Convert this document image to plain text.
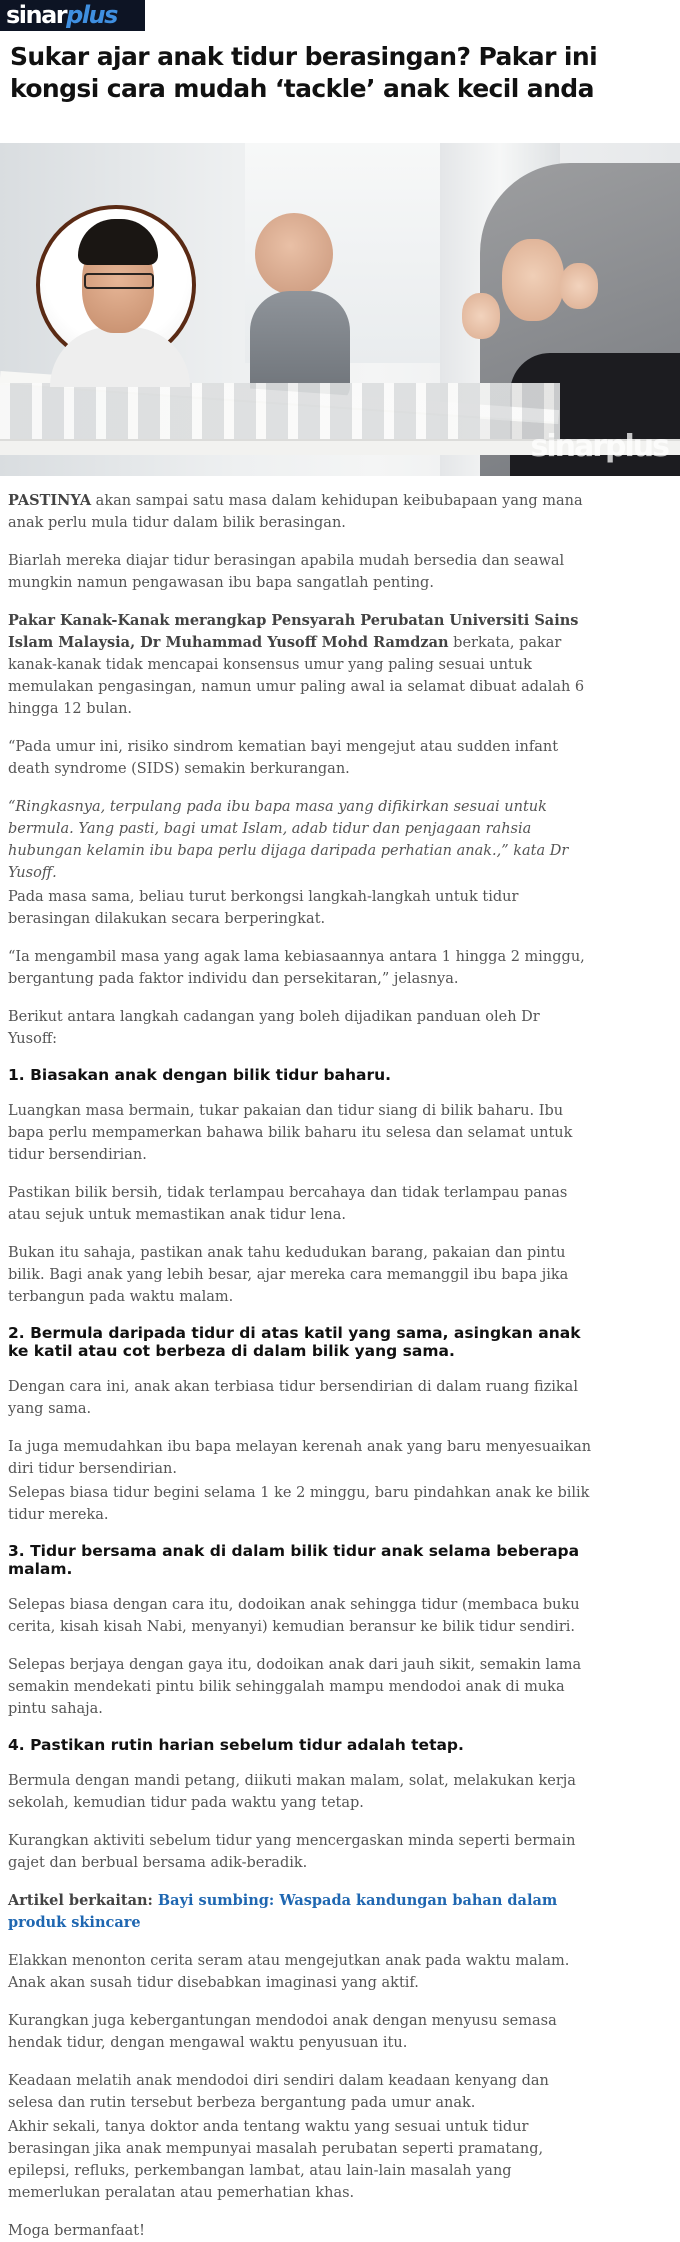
sinarplus
Sukar ajar anak tidur berasingan? Pakar ini kongsi cara mudah ‘tackle’ anak kecil anda
sinarplus

PASTINYA akan sampai satu masa dalam kehidupan keibubapaan yang mana anak perlu mula tidur dalam bilik berasingan.

Biarlah mereka diajar tidur berasingan apabila mudah bersedia dan seawal mungkin namun pengawasan ibu bapa sangatlah penting.

Pakar Kanak-Kanak merangkap Pensyarah Perubatan Universiti Sains Islam Malaysia, Dr Muhammad Yusoff Mohd Ramdzan berkata, pakar kanak-kanak tidak mencapai konsensus umur yang paling sesuai untuk memulakan pengasingan, namun umur paling awal ia selamat dibuat adalah 6 hingga 12 bulan.

“Pada umur ini, risiko sindrom kematian bayi mengejut atau sudden infant death syndrome (SIDS) semakin berkurangan.

“Ringkasnya, terpulang pada ibu bapa masa yang difikirkan sesuai untuk bermula. Yang pasti, bagi umat Islam, adab tidur dan penjagaan rahsia hubungan kelamin ibu bapa perlu dijaga daripada perhatian anak.,” kata Dr Yusoff.

Pada masa sama, beliau turut berkongsi langkah-langkah untuk tidur berasingan dilakukan secara berperingkat.

“Ia mengambil masa yang agak lama kebiasaannya antara 1 hingga 2 minggu, bergantung pada faktor individu dan persekitaran,” jelasnya.

Berikut antara langkah cadangan yang boleh dijadikan panduan oleh Dr Yusoff:

1. Biasakan anak dengan bilik tidur baharu.

Luangkan masa bermain, tukar pakaian dan tidur siang di bilik baharu. Ibu bapa perlu mempamerkan bahawa bilik baharu itu selesa dan selamat untuk tidur bersendirian.

Pastikan bilik bersih, tidak terlampau bercahaya dan tidak terlampau panas atau sejuk untuk memastikan anak tidur lena.

Bukan itu sahaja, pastikan anak tahu kedudukan barang, pakaian dan pintu bilik. Bagi anak yang lebih besar, ajar mereka cara memanggil ibu bapa jika terbangun pada waktu malam.

2. Bermula daripada tidur di atas katil yang sama, asingkan anak ke katil atau cot berbeza di dalam bilik yang sama.

Dengan cara ini, anak akan terbiasa tidur bersendirian di dalam ruang fizikal yang sama.

Ia juga memudahkan ibu bapa melayan kerenah anak yang baru menyesuaikan diri tidur bersendirian.

Selepas biasa tidur begini selama 1 ke 2 minggu, baru pindahkan anak ke bilik tidur mereka.

3. Tidur bersama anak di dalam bilik tidur anak selama beberapa malam.

Selepas biasa dengan cara itu, dodoikan anak sehingga tidur (membaca buku cerita, kisah kisah Nabi, menyanyi) kemudian beransur ke bilik tidur sendiri.

Selepas berjaya dengan gaya itu, dodoikan anak dari jauh sikit, semakin lama semakin mendekati pintu bilik sehinggalah mampu mendodoi anak di muka pintu sahaja.

4. Pastikan rutin harian sebelum tidur adalah tetap.

Bermula dengan mandi petang, diikuti makan malam, solat, melakukan kerja sekolah, kemudian tidur pada waktu yang tetap.

Kurangkan aktiviti sebelum tidur yang mencergaskan minda seperti bermain gajet dan berbual bersama adik-beradik.

Artikel berkaitan: Bayi sumbing: Waspada kandungan bahan dalam produk skincare

Elakkan menonton cerita seram atau mengejutkan anak pada waktu malam. Anak akan susah tidur disebabkan imaginasi yang aktif.

Kurangkan juga kebergantungan mendodoi anak dengan menyusu semasa hendak tidur, dengan mengawal waktu penyusuan itu.

Keadaan melatih anak mendodoi diri sendiri dalam keadaan kenyang dan selesa dan rutin tersebut berbeza bergantung pada umur anak.

Akhir sekali, tanya doktor anda tentang waktu yang sesuai untuk tidur berasingan jika anak mempunyai masalah perubatan seperti pramatang, epilepsi, refluks, perkembangan lambat, atau lain-lain masalah yang memerlukan peralatan atau pemerhatian khas.

Moga bermanfaat!
